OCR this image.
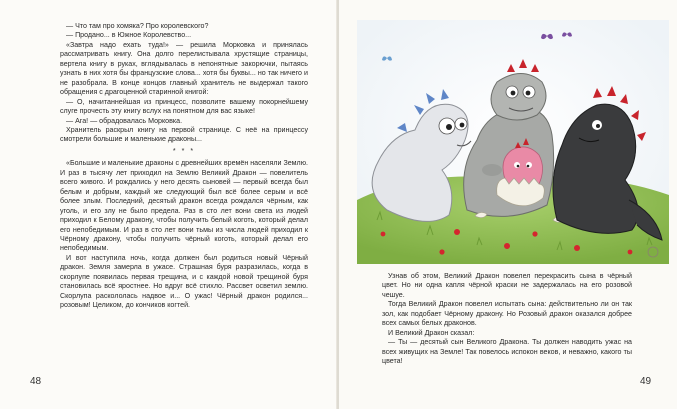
— Что там про хомяка? Про королевского?

— Продано... в Южное Королевство...

«Завтра надо ехать туда!» — решила Морковка и принялась рассматривать книгу. Она долго перелистывала хрустящие страницы, вертела книгу в руках, вглядывалась в непонятные закорючки, пытаясь узнать в них хотя бы французские слова... хотя бы буквы... но так ничего и не разобрала. В конце концов главный хранитель не выдержал такого обращения с драгоценной старинной книгой:

— О, начитаннейшая из принцесс, позволите вашему покорнейшему слуге прочесть эту книгу вслух на понятном для вас языке!

— Ага! — обрадовалась Морковка.

Хранитель раскрыл книгу на первой странице. С неё на принцессу смотрели большие и маленькие драконы...

* * *

«Большие и маленькие драконы с древнейших времён населяли Землю. И раз в тысячу лет приходил на Землю Великий Дракон — повелитель всего живого. И рождались у него десять сыновей — первый всегда был белым и добрым, каждый же следующий был всё более серым и всё более злым. Последний, десятый дракон всегда рождался чёрным, как уголь, и его злу не было предела. Раз в сто лет вони света из людей приходил к Белому дракону, чтобы получить белый коготь, который делал его непобедимым. И раз в сто лет вони тьмы из числа людей приходил к Чёрному дракону, чтобы получить чёрный коготь, который делал его непобедимым.

И вот наступила ночь, когда должен был родиться новый Чёрный дракон. Земля замерла в ужасе. Страшная буря разразилась, когда в скорлупе появилась первая трещина, и с каждой новой трещиной буря становилась всё яростнее. Но вдруг всё стихло. Рассвет осветил землю. Скорлупа раскололась надвое и... О ужас! Чёрный дракон родился... розовым! Целиком, до кончиков когтей.

48

Узнав об этом, Великий Дракон повелел перекрасить сына в чёрный цвет. Но ни одна капля чёрной краски не задержалась на его розовой чешуе.

Тогда Великий Дракон повелел испытать сына: действительно ли он так зол, как подобает Чёрному дракону. Но Розовый дракон оказался добрее всех самых белых драконов.

И Великий Дракон сказал:

— Ты — десятый сын Великого Дракона. Ты должен наводить ужас на всех живущих на Земле! Так повелось испокон веков, и неважно, какого ты цвета!

49
